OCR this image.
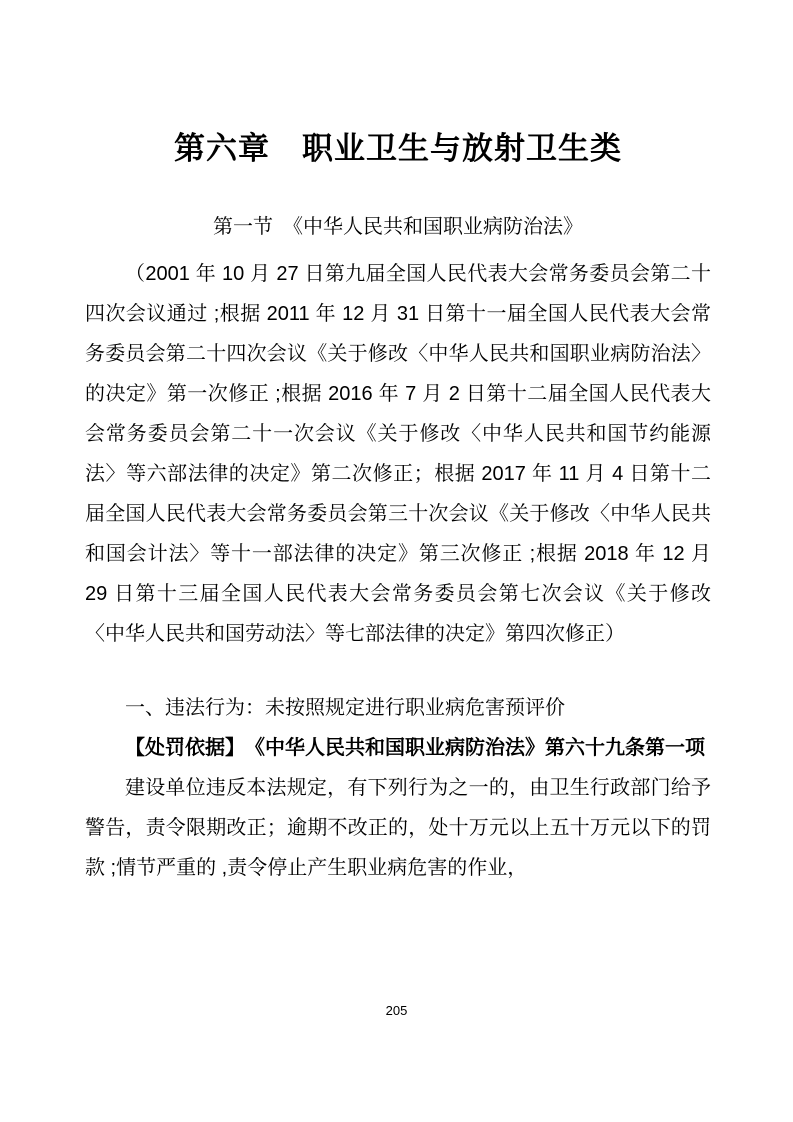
第六章　职业卫生与放射卫生类
第一节　《中华人民共和国职业病防治法》

（2001 年 10 月 27 日第九届全国人民代表大会常务委员会第二十四次会议通过 ;根据 2011 年 12 月 31 日第十一届全国人民代表大会常务委员会第二十四次会议《关于修改〈中华人民共和国职业病防治法〉的决定》第一次修正 ;根据 2016 年 7 月 2 日第十二届全国人民代表大会常务委员会第二十一次会议《关于修改〈中华人民共和国节约能源法〉等六部法律的决定》第二次修正；根据 2017 年 11 月 4 日第十二届全国人民代表大会常务委员会第三十次会议《关于修改〈中华人民共和国会计法〉等十一部法律的决定》第三次修正 ;根据 2018 年 12 月 29 日第十三届全国人民代表大会常务委员会第七次会议《关于修改〈中华人民共和国劳动法〉等七部法律的决定》第四次修正）

一、违法行为：未按照规定进行职业病危害预评价

【处罚依据】　《中华人民共和国职业病防治法》第六十九条第一项

建设单位违反本法规定，有下列行为之一的，由卫生行政部门给予警告，责令限期改正；逾期不改正的，处十万元以上五十万元以下的罚款 ;情节严重的 ,责令停止产生职业病危害的作业，

205
